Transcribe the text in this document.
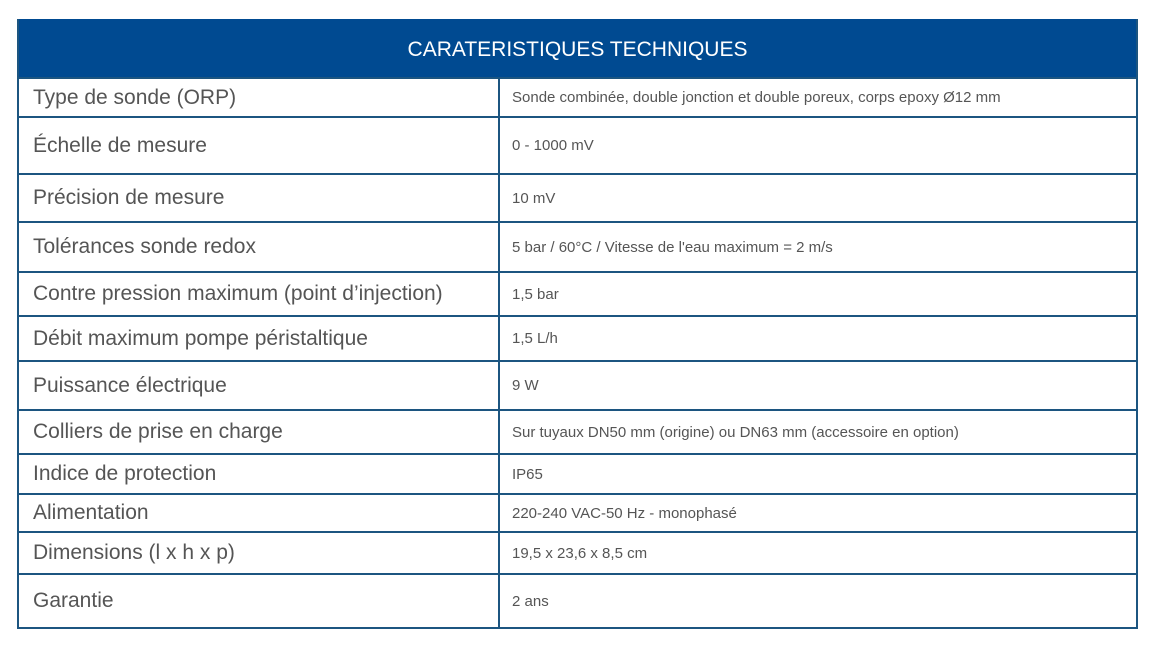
CARATERISTIQUES TECHNIQUES
Type de sonde (ORP)	Sonde combinée, double jonction et double poreux, corps epoxy Ø12 mm
Échelle de mesure	0 - 1000 mV
Précision de mesure	10 mV
Tolérances sonde redox	5 bar / 60°C / Vitesse de l'eau maximum = 2 m/s
Contre pression maximum (point d’injection)	1,5 bar
Débit maximum pompe péristaltique	1,5 L/h
Puissance électrique	9 W
Colliers de prise en charge	Sur tuyaux DN50 mm (origine) ou DN63 mm (accessoire en option)
Indice de protection	IP65
Alimentation	220-240 VAC-50 Hz - monophasé
Dimensions (l x h x p)	19,5 x 23,6 x 8,5 cm
Garantie	2 ans
